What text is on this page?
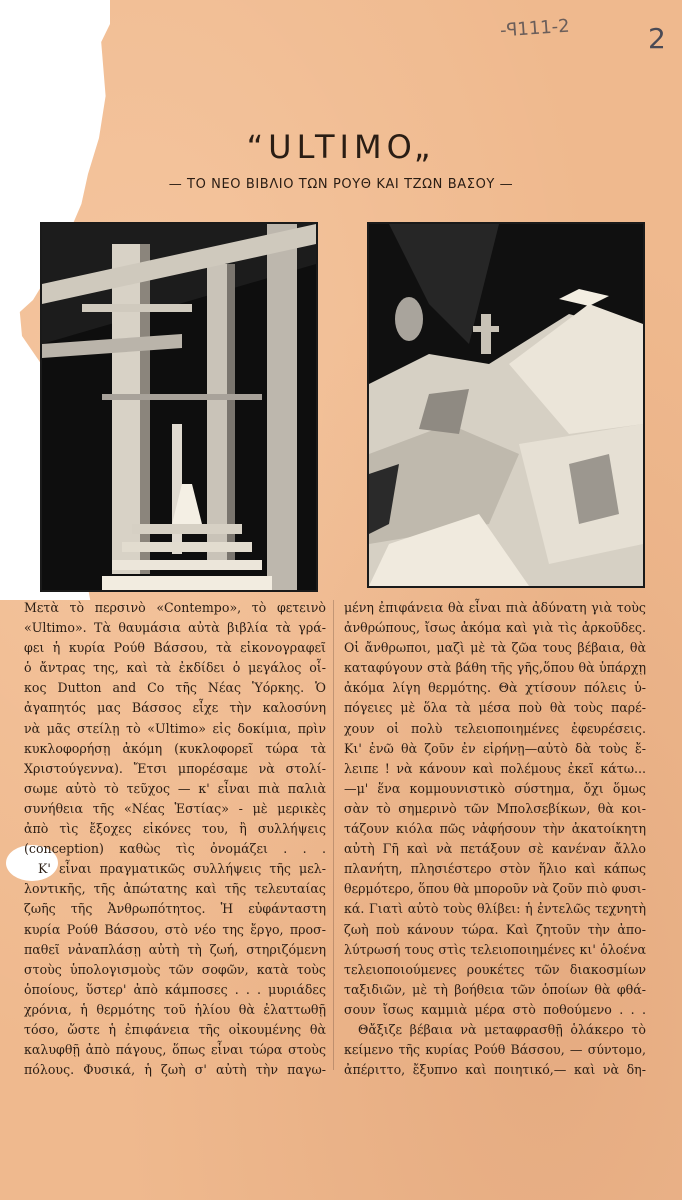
-ꟼ111-2	2
“ULTIMO„
— ΤΟ ΝΕΟ ΒΙΒΛΙΟ ΤΩΝ ΡΟΥΘ ΚΑΙ ΤΖΩΝ ΒΑΣΟΥ —

Μετὰ τὸ περσινὸ «Contempo», τὸ φετεινὸ
«Ultimo». Τὰ θαυμάσια αὐτὰ βιβλία τὰ γρά-
φει ἡ κυρία Ρούθ Βάσσου, τὰ εἰκονογραφεῖ
ὁ ἄντρας της, καὶ τὰ ἐκδίδει ὁ μεγάλος οἶ-
κος Dutton and Co τῆς Νέας Ὑόρκης. Ὁ
ἀγαπητός μας Βάσσος εἶχε τὴν καλοσύνη
νὰ μᾶς στείλῃ τὸ «Ultimo» εἰς δοκίμια, πρὶν
κυκλοφορήσῃ ἀκόμη (κυκλοφορεῖ τώρα τὰ
Χριστούγεννα). Ἔτσι μπορέσαμε νὰ στολί-
σωμε αὐτὸ τὸ τεῦχος — κ' εἶναι πιὰ παλιὰ
συνήθεια τῆς «Νέας Ἑστίας» - μὲ μερικὲς
ἀπὸ τὶς ἔξοχες εἰκόνες του, ἢ συλλήψεις
(conception) καθὼς τὶς ὀνομάζει . . .

Κ' εἶναι πραγματικῶς συλλήψεις τῆς μελ-
λοντικῆς, τῆς ἀπώτατης καὶ τῆς τελευταίας
ζωῆς τῆς Ἀνθρωπότητος. Ἡ εὐφάνταστη
κυρία Ρούθ Βάσσου, στὸ νέο της ἔργο, προσ-
παθεῖ νἀναπλάσῃ αὐτὴ τὴ ζωή, στηριζόμενη
στοὺς ὑπολογισμοὺς τῶν σοφῶν, κατὰ τοὺς
ὁποίους, ὕστερ' ἀπὸ κάμποσες . . . μυριάδες
χρόνια, ἡ θερμότης τοῦ ἡλίου θὰ ἐλαττωθῇ
τόσο, ὥστε ἡ ἐπιφάνεια τῆς οἰκουμένης θὰ
καλυφθῇ ἀπὸ πάγους, ὅπως εἶναι τώρα στοὺς
πόλους. Φυσικά, ἡ ζωὴ σ' αὐτὴ τὴν παγω-

μένη ἐπιφάνεια θὰ εἶναι πιὰ ἀδύνατη γιὰ τοὺς
ἀνθρώπους, ἴσως ἀκόμα καὶ γιὰ τὶς ἀρκοῦδες.
Οἱ ἄνθρωποι, μαζὶ μὲ τὰ ζῶα τους βέβαια, θὰ
καταφύγουν στὰ βάθη τῆς γῆς,ὅπου θὰ ὑπάρχῃ
ἀκόμα λίγη θερμότης. Θὰ χτίσουν πόλεις ὑ-
πόγειες μὲ ὅλα τὰ μέσα ποὺ θὰ τοὺς παρέ-
χουν οἱ πολὺ τελειοποιημένες ἐφευρέσεις.
Κι' ἐνῶ θὰ ζοῦν ἐν εἰρήνῃ—αὐτὸ δὰ τοὺς ἔ-
λειπε ! νὰ κάνουν καὶ πολέμους ἐκεῖ κάτω...
—μ' ἕνα κομμουνιστικὸ σύστημα, ὄχι ὅμως
σὰν τὸ σημερινὸ τῶν Μπολσεβίκων, θὰ κοι-
τάζουν κιόλα πῶς νἀφήσουν τὴν ἀκατοίκητη
αὐτὴ Γῆ καὶ νὰ πετάξουν σὲ κανέναν ἄλλο
πλανήτη, πλησιέστερο στὸν ἥλιο καὶ κάπως
θερμότερο, ὅπου θὰ μποροῦν νὰ ζοῦν πιὸ φυσι-
κά. Γιατὶ αὐτὸ τοὺς θλίβει: ἡ ἐντελῶς τεχνητὴ
ζωὴ ποὺ κάνουν τώρα. Καὶ ζητοῦν τὴν ἀπο-
λύτρωσή τους στὶς τελειοποιημένες κι' ὁλοένα
τελειοποιούμενες ρουκέτες τῶν διακοσμίων
ταξιδιῶν, μὲ τὴ βοήθεια τῶν ὁποίων θὰ φθά-
σουν ἴσως καμμιὰ μέρα στὸ ποθούμενο . . .

Θἄξιζε βέβαια νὰ μεταφρασθῇ ὁλάκερο τὸ
κείμενο τῆς κυρίας Ρούθ Βάσσου, — σύντομο,
ἀπέριττο, ἔξυπνο καὶ ποιητικό,— καὶ νὰ δη-
